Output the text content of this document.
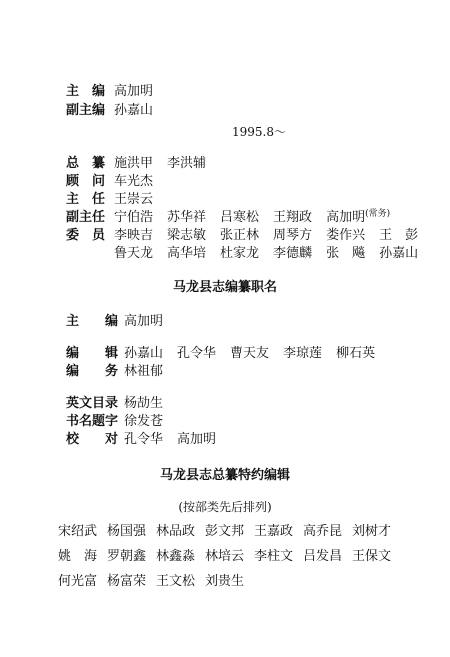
主　编 高加明
副主编 孙嘉山
1995.8～
总　纂 施洪甲 李洪辅
顾　问 车光杰
主　任 王崇云
副主任 宁伯浩 苏华祥 吕寒松 王翔政 高加明 (常务)
委　员 李映吉 梁志敏 张正林 周琴方 娄作兴 王　彭
鲁天龙 高华培 杜家龙 李德麟 张　飚 孙嘉山
马龙县志编纂职名
主　　编 高加明
编　　辑 孙嘉山 孔令华 曹天友 李琼莲 柳石英
编　　务 林祖郁
英文目录 杨劼生
书名题字 徐发苍
校　　对 孔令华 高加明
马龙县志总纂特约编辑
(按部类先后排列)
宋绍武 杨国强 林品政 彭文邦 王嘉政 高乔昆 刘树才
姚　海 罗朝鑫 林鑫淼 林培云 李柱文 吕发昌 王保文
何光富 杨富荣 王文松 刘贵生
